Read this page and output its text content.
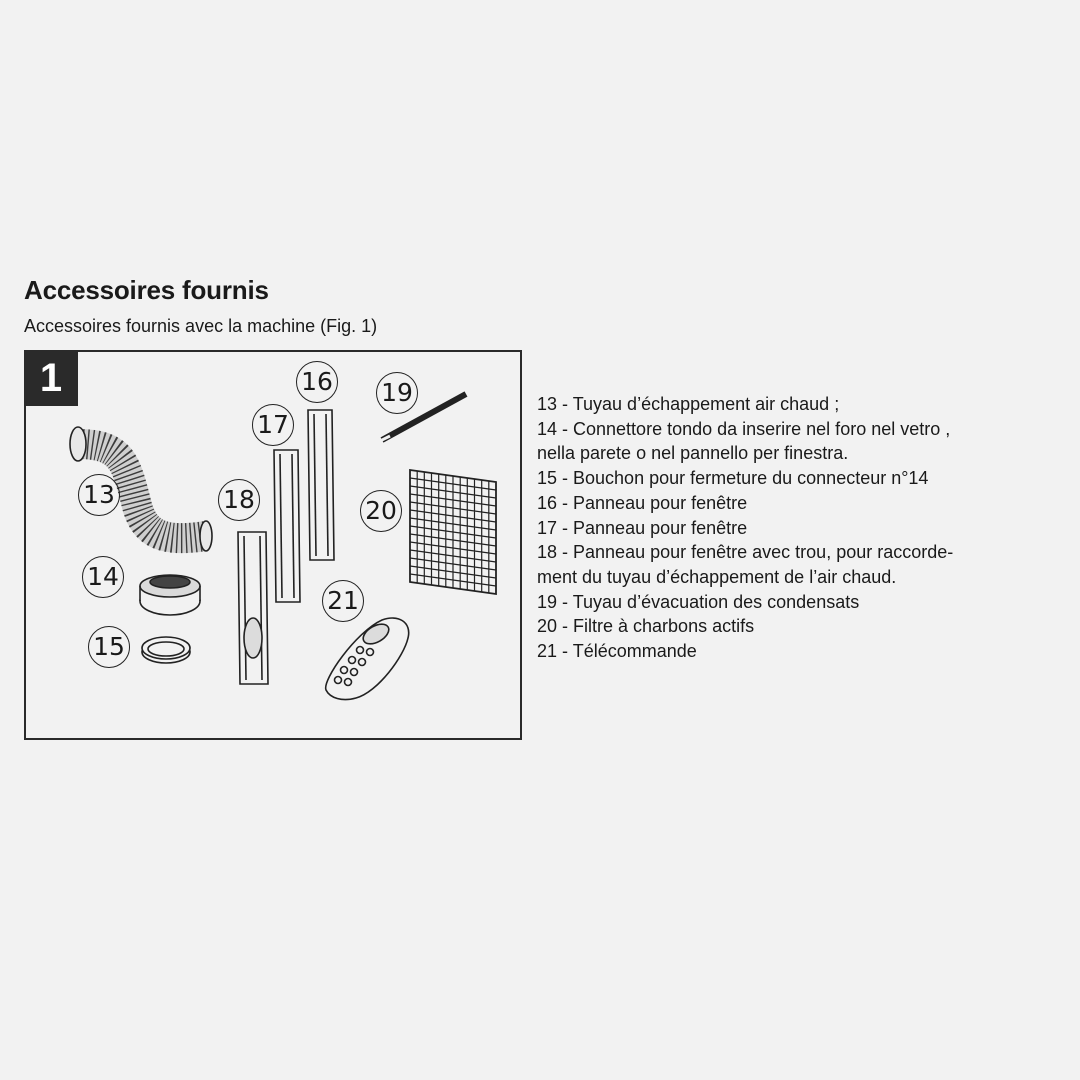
Accessoires fournis
Accessoires fournis avec la machine (Fig. 1)
1
13
14
15
16
17
18
19
20
21
13 - Tuyau d’échappement air chaud ;
14 - Connettore tondo da inserire nel foro nel vetro ,
nella parete o nel pannello per finestra.
15 - Bouchon pour fermeture du connecteur n°14
16 - Panneau pour fenêtre
17 - Panneau pour fenêtre
18 - Panneau pour fenêtre avec trou, pour raccorde-
ment du tuyau d’échappement de l’air chaud.
19 - Tuyau d’évacuation des condensats
20 - Filtre à charbons actifs
21 - Télécommande
